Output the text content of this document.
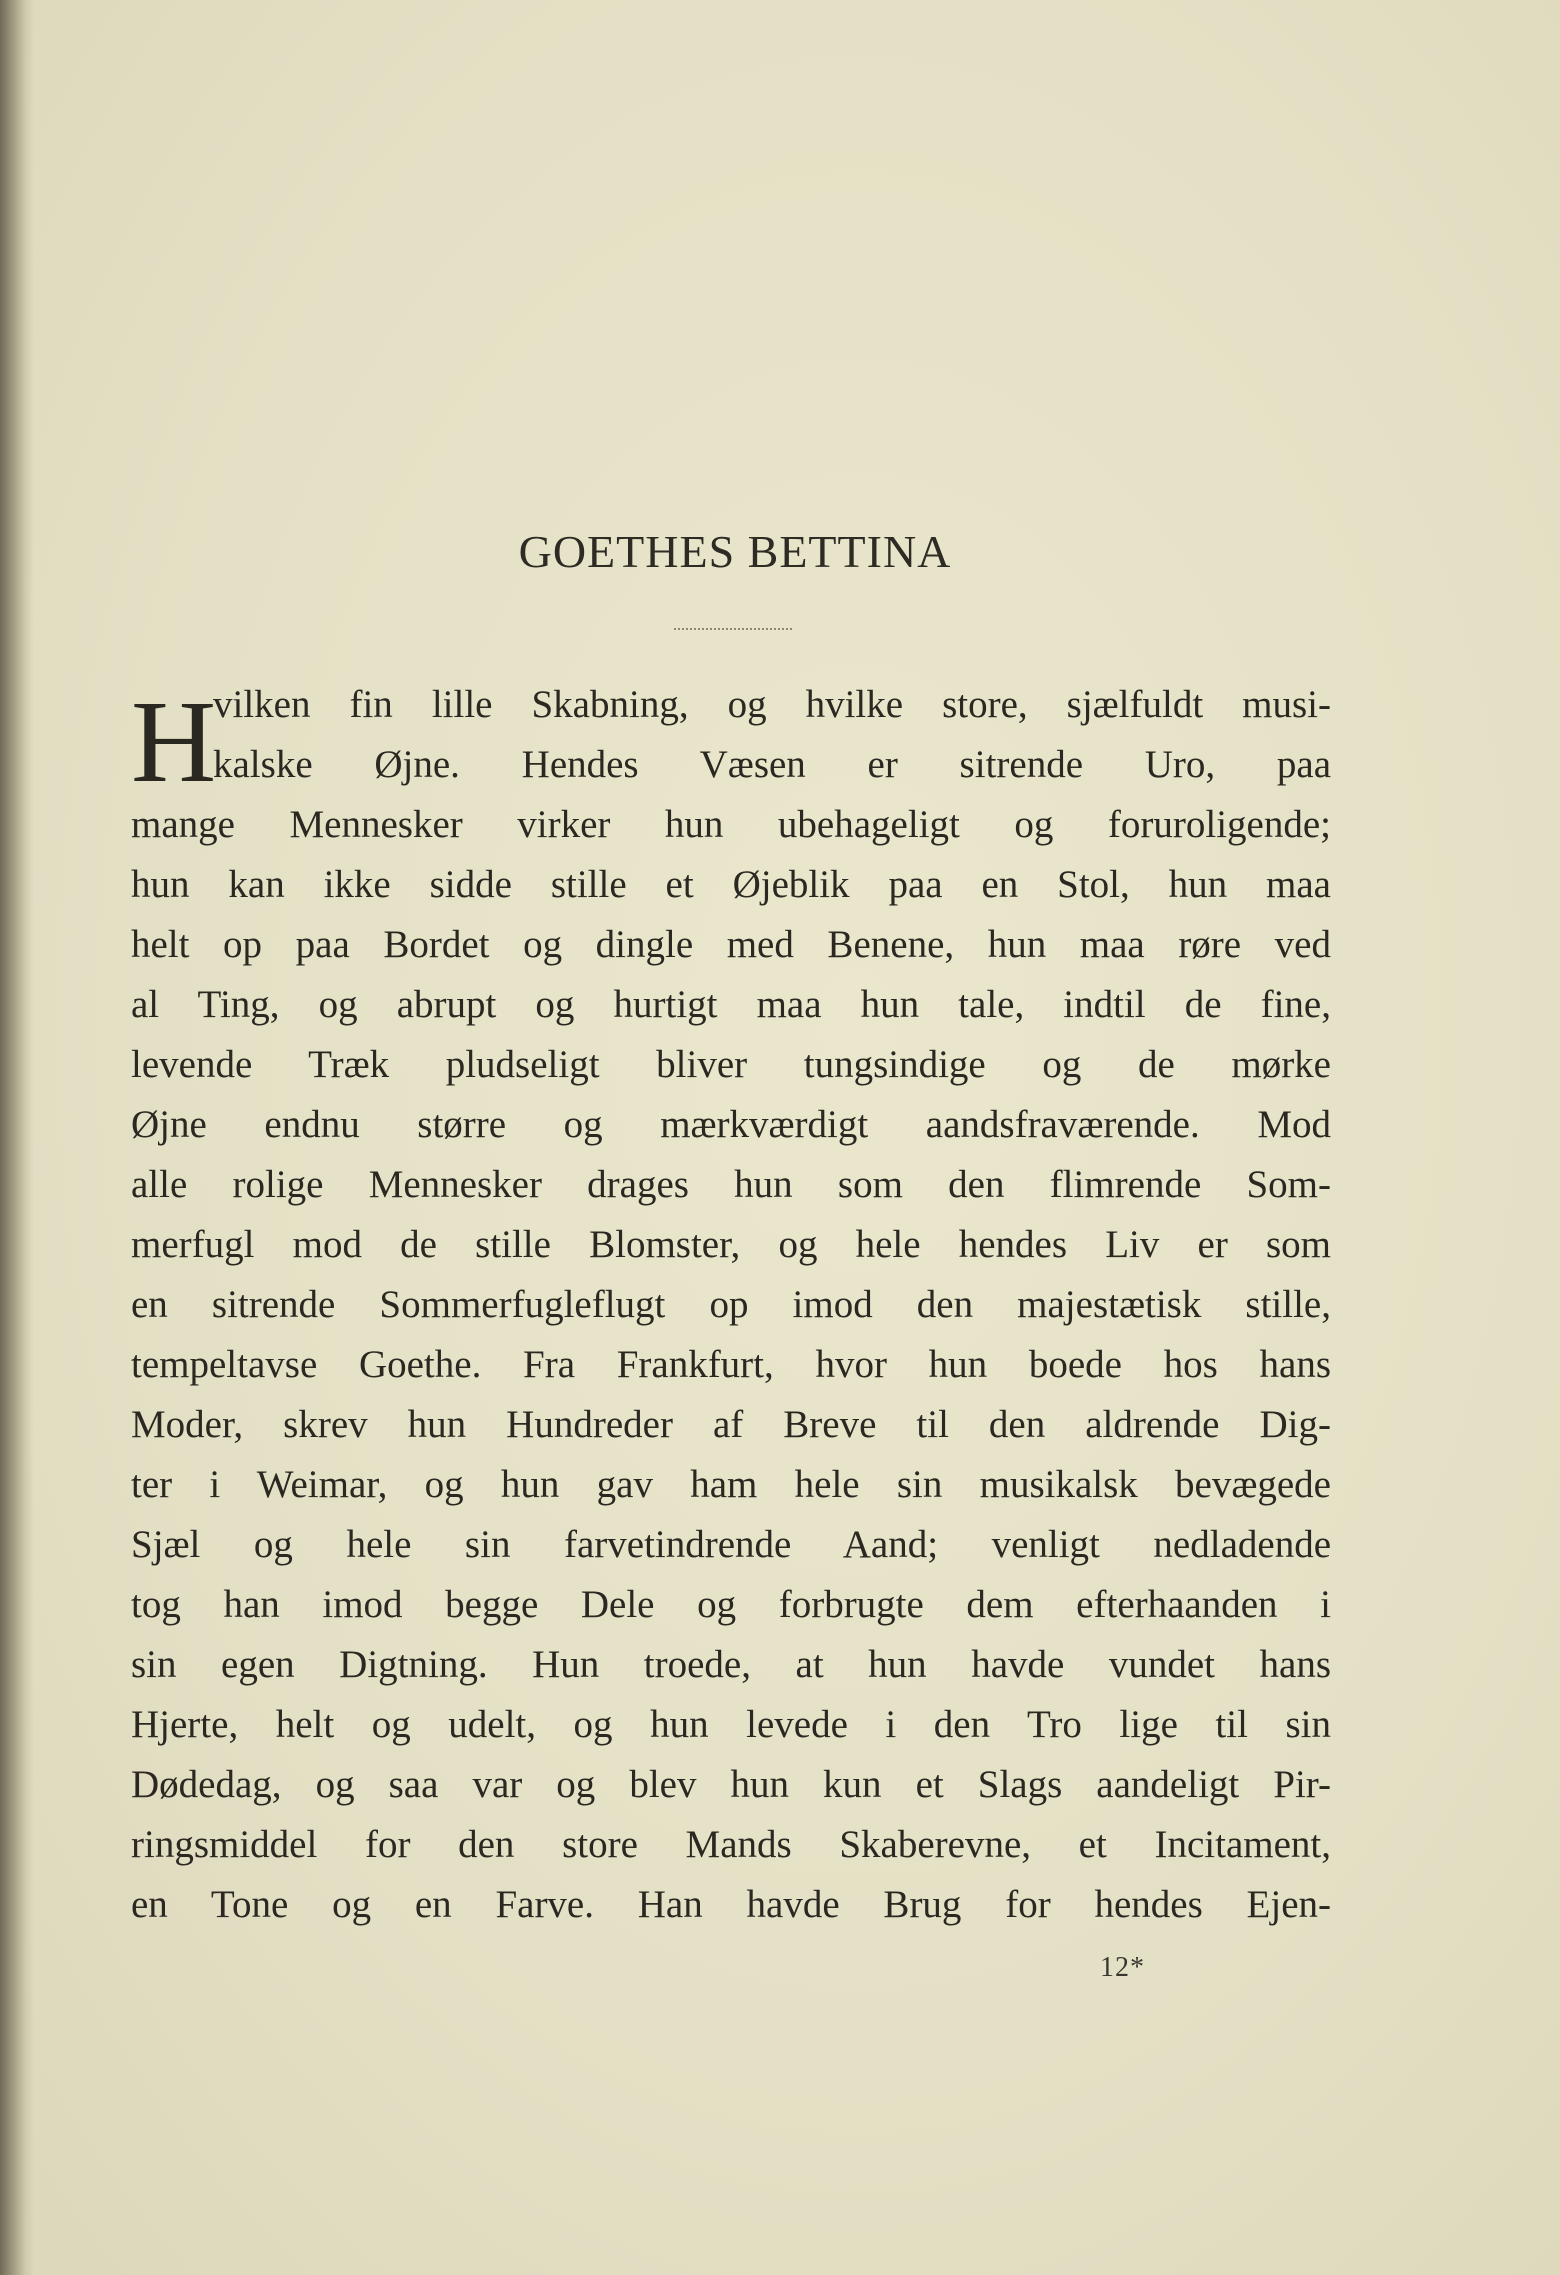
GOETHES BETTINA
H
vilken fin lille Skabning, og hvilke store, sjælfuldt musi-
kalske Øjne. Hendes Væsen er sitrende Uro, paa
mange Mennesker virker hun ubehageligt og foruroligende;
hun kan ikke sidde stille et Øjeblik paa en Stol, hun maa
helt op paa Bordet og dingle med Benene, hun maa røre ved
al Ting, og abrupt og hurtigt maa hun tale, indtil de fine,
levende Træk pludseligt bliver tungsindige og de mørke
Øjne endnu større og mærkværdigt aandsfraværende. Mod
alle rolige Mennesker drages hun som den flimrende Som-
merfugl mod de stille Blomster, og hele hendes Liv er som
en sitrende Sommerfugleflugt op imod den majestætisk stille,
tempeltavse Goethe. Fra Frankfurt, hvor hun boede hos hans
Moder, skrev hun Hundreder af Breve til den aldrende Dig-
ter i Weimar, og hun gav ham hele sin musikalsk bevægede
Sjæl og hele sin farvetindrende Aand; venligt nedladende
tog han imod begge Dele og forbrugte dem efterhaanden i
sin egen Digtning. Hun troede, at hun havde vundet hans
Hjerte, helt og udelt, og hun levede i den Tro lige til sin
Dødedag, og saa var og blev hun kun et Slags aandeligt Pir-
ringsmiddel for den store Mands Skaberevne, et Incitament,
en Tone og en Farve. Han havde Brug for hendes Ejen-
12*
